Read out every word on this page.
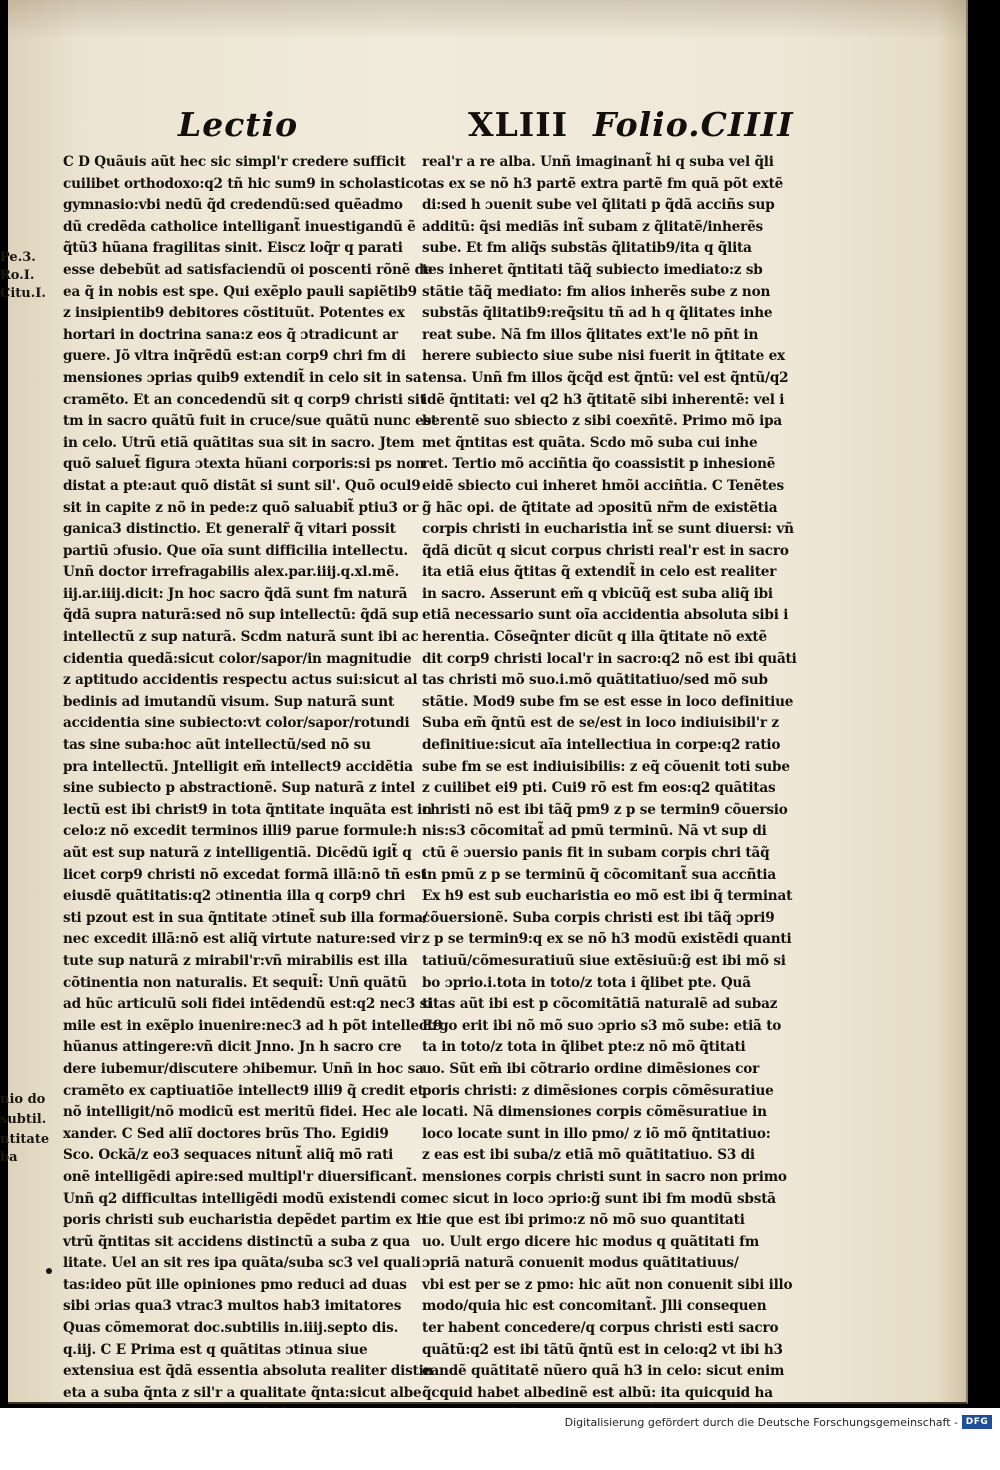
Lectio	XLIII Folio.CIIII
C D Quãuis aũt hec sic simpl'r credere sufficit
cuilibet orthodoxo:q2 tñ hic sum9 in scholastico
gymnasio:vbi nedũ q̃d credendũ:sed quẽadmo
dũ credẽda catholice intelligant̃ inuestigandũ ẽ
q̃tũ3 hũana fragilitas sinit. Eiscz loq̃r q parati
esse debebũt ad satisfaciendũ oi poscenti rõnẽ de
ea q̃ in nobis est spe. Qui exẽplo pauli sapiẽtib9
z insipientib9 debitores cõstituũt. Potentes ex
hortari in doctrina sana:z eos q̃ ɔtradicunt ar
guere. Jõ vltra inq̃rẽdũ est:an corp9 chri fm di
mensiones ɔprias quib9 extendit̃ in celo sit in sa
cramẽto. Et an concedendũ sit q corp9 christi sit
tm in sacro quãtũ fuit in cruce/sue quãtũ nunc est
in celo. Utrũ etiã quãtitas sua sit in sacro. Jtem
quõ saluet̃ figura ɔtexta hũani corporis:si ps non
distat a pte:aut quõ distãt si sunt sil'. Quõ ocul9
sit in capite z nõ in pede:z quõ saluabit̃ ptiu3 or
ganica3 distinctio. Et generalr̃ q̃ vitari possit
partiũ ɔfusio. Que oĩa sunt difficilia intellectu.
Unñ doctor irrefragabilis alex.par.iiij.q.xl.mẽ.
iij.ar.iiij.dicit: Jn hoc sacro q̃dã sunt fm naturã
q̃dã supra naturã:sed nõ sup intellectũ: q̃dã sup
intellectũ z sup naturã. Scdm naturã sunt ibi ac
cidentia quedã:sicut color/sapor/in magnitudie
z aptitudo accidentis respectu actus sui:sicut al
bedinis ad imutandũ visum. Sup naturã sunt
accidentia sine subiecto:vt color/sapor/rotundi
tas sine suba:hoc aũt intellectũ/sed nõ su
pra intellectũ. Jntelligit em̃ intellect9 accidẽtia
sine subiecto p abstractionẽ. Sup naturã z intel
lectũ est ibi christ9 in tota q̃ntitate inquãta est in
celo:z nõ excedit terminos illi9 parue formule:h
aũt est sup naturã z intelligentiã. Dicẽdũ igit̃ q
licet corp9 christi nõ excedat formã illã:nõ tñ est
eiusdẽ quãtitatis:q2 ɔtinentia illa q corp9 chri
sti pzout est in sua q̃ntitate ɔtinet̃ sub illa forma/
nec excedit illã:nõ est aliq̃ virtute nature:sed vir
tute sup naturã z mirabil'r:vñ mirabilis est illa
cõtinentia non naturalis. Et sequit̃: Unñ quãtũ
ad hũc articulũ soli fidei intẽdendũ est:q2 nec3 si
mile est in exẽplo inuenire:nec3 ad h põt intellect9
hũanus attingere:vñ dicit Jnno. Jn h sacro cre
dere iubemur/discutere ɔhibemur. Unñ in hoc sa
cramẽto ex captiuatiõe intellect9 illi9 q̃ credit et
nõ intelligit/nõ modicũ est meritũ fidei. Hec ale
xander. C Sed aliĩ doctores brũs Tho. Egidi9
Sco. Ockã/z eo3 sequaces nitunt̃ aliq̃ mõ rati
onẽ intelligẽdi apire:sed multipl'r diuersificant̃.
Unñ q2 difficultas intelligẽdi modũ existendi cor
poris christi sub eucharistia depẽdet partim ex h
vtrũ q̃ntitas sit accidens distinctũ a suba z qua
litate. Uel an sit res ipa quãta/suba sc3 vel quali
tas:ideo pũt ille opiniones pmo reduci ad duas
sibi ɔrias qua3 vtrac3 multos hab3 imitatores
Quas cõmemorat doc.subtilis in.iiij.septo dis.
q.iij. C E Prima est q quãtitas ɔtinua siue
extensiua est q̃dã essentia absoluta realiter distin
eta a suba q̃nta z sil'r a qualitate q̃nta:sicut albe
real'r a re alba. Unñ imaginant̃ hi q suba vel q̃li
tas ex se nõ h3 partẽ extra partẽ fm quã põt extẽ
di:sed h ɔuenit sube vel q̃litati p q̃dã acciñs sup
additũ: q̃si mediãs int̃ subam z q̃litatẽ/inherẽs
sube. Et fm aliq̃s substãs q̃litatib9/ita q q̃lita
tes inheret q̃ntitati tãq̃ subiecto imediato:z sb
stãtie tãq̃ mediato: fm alios inherẽs sube z non
substãs q̃litatib9:req̃situ tñ ad h q q̃litates inhe
reat sube. Nã fm illos q̃litates ext'le nõ pñt in
herere subiecto siue sube nisi fuerit in q̃titate ex
tensa. Unñ fm illos q̃cq̃d est q̃ntũ: vel est q̃ntũ/q2
idẽ q̃ntitati: vel q2 h3 q̃titatẽ sibi inherentẽ: vel i
berentẽ suo sbiecto z sibi coexñtẽ. Primo mõ ipa
met q̃ntitas est quãta. Scdo mõ suba cui inhe
ret. Tertio mõ acciñtia q̃o coassistit p inhesionẽ
eidẽ sbiecto cui inheret hmõi acciñtia. C Tenẽtes
g̃ hãc opi. de q̃titate ad ɔpositũ nr̃m de existẽtia
corpis christi in eucharistia int̃ se sunt diuersi: vñ
q̃dã dicũt q sicut corpus christi real'r est in sacro
ita etiã eius q̃titas q̃ extendit̃ in celo est realiter
in sacro. Asserunt em̃ q vbicũq̃ est suba aliq̃ ibi
etiã necessario sunt oĩa accidentia absoluta sibi i
herentia. Cõseq̃nter dicũt q illa q̃titate nõ extẽ
dit corp9 christi local'r in sacro:q2 nõ est ibi quãti
tas christi mõ suo.i.mõ quãtitatiuo/sed mõ sub
stãtie. Mod9 sube fm se est esse in loco definitiue
Suba em̃ q̃ntũ est de se/est in loco indiuisibil'r z
definitiue:sicut aĩa intellectiua in corpe:q2 ratio
sube fm se est indiuisibilis: z eq̃ cõuenit toti sube
z cuilibet ei9 pti. Cui9 rõ est fm eos:q2 quãtitas
christi nõ est ibi tãq̃ pm9 z p se termin9 cõuersio
nis:s3 cõcomitat̃ ad pmũ terminũ. Nã vt sup di
ctũ ẽ ɔuersio panis fit in subam corpis chri tãq̃
in pmũ z p se terminũ q̃ cõcomitant̃ sua accñtia
Ex h9 est sub eucharistia eo mõ est ibi q̃ terminat
cõuersionẽ. Suba corpis christi est ibi tãq̃ ɔpri9
z p se termin9:q ex se nõ h3 modũ existẽdi quanti
tatiuũ/cõmesuratiuũ siue extẽsiuũ:g̃ est ibi mõ si
bo ɔprio.i.tota in toto/z tota i q̃libet pte. Quã
titas aũt ibi est p cõcomitãtiã naturalẽ ad subaz
Ergo erit ibi nõ mõ suo ɔprio s3 mõ sube: etiã to
ta in toto/z tota in q̃libet pte:z nõ mõ q̃titati
uo. Sũt em̃ ibi cõtrario ordine dimẽsiones cor
poris christi: z dimẽsiones corpis cõmẽsuratiue
locati. Nã dimensiones corpis cõmẽsuratiue in
loco locate sunt in illo pmo/ z iõ mõ q̃ntitatiuo:
z eas est ibi suba/z etiã mõ quãtitatiuo. S3 di
mensiones corpis christi sunt in sacro non primo
nec sicut in loco ɔprio:g̃ sunt ibi fm modũ sbstã
tie que est ibi primo:z nõ mõ suo quantitati
uo. Uult ergo dicere hic modus q quãtitati fm
ɔpriã naturã conuenit modus quãtitatiuus/
vbi est per se z pmo: hic aũt non conuenit sibi illo
modo/quia hic est concomitant̃. Jlli consequen
ter habent concedere/q corpus christi esti sacro
quãtũ:q2 est ibi tãtũ q̃ntũ est in celo:q2 vt ibi h3
eandẽ quãtitatẽ nũero quã h3 in celo: sicut enim
q̃cquid habet albedinẽ est albũ: ita quicquid ha
Pe.3.
Ro.I.
Citu.I.
nio do
subtil.
ntitate
ba
Digitalisierung gefördert durch die Deutsche Forschungsgemeinschaft - DFG
